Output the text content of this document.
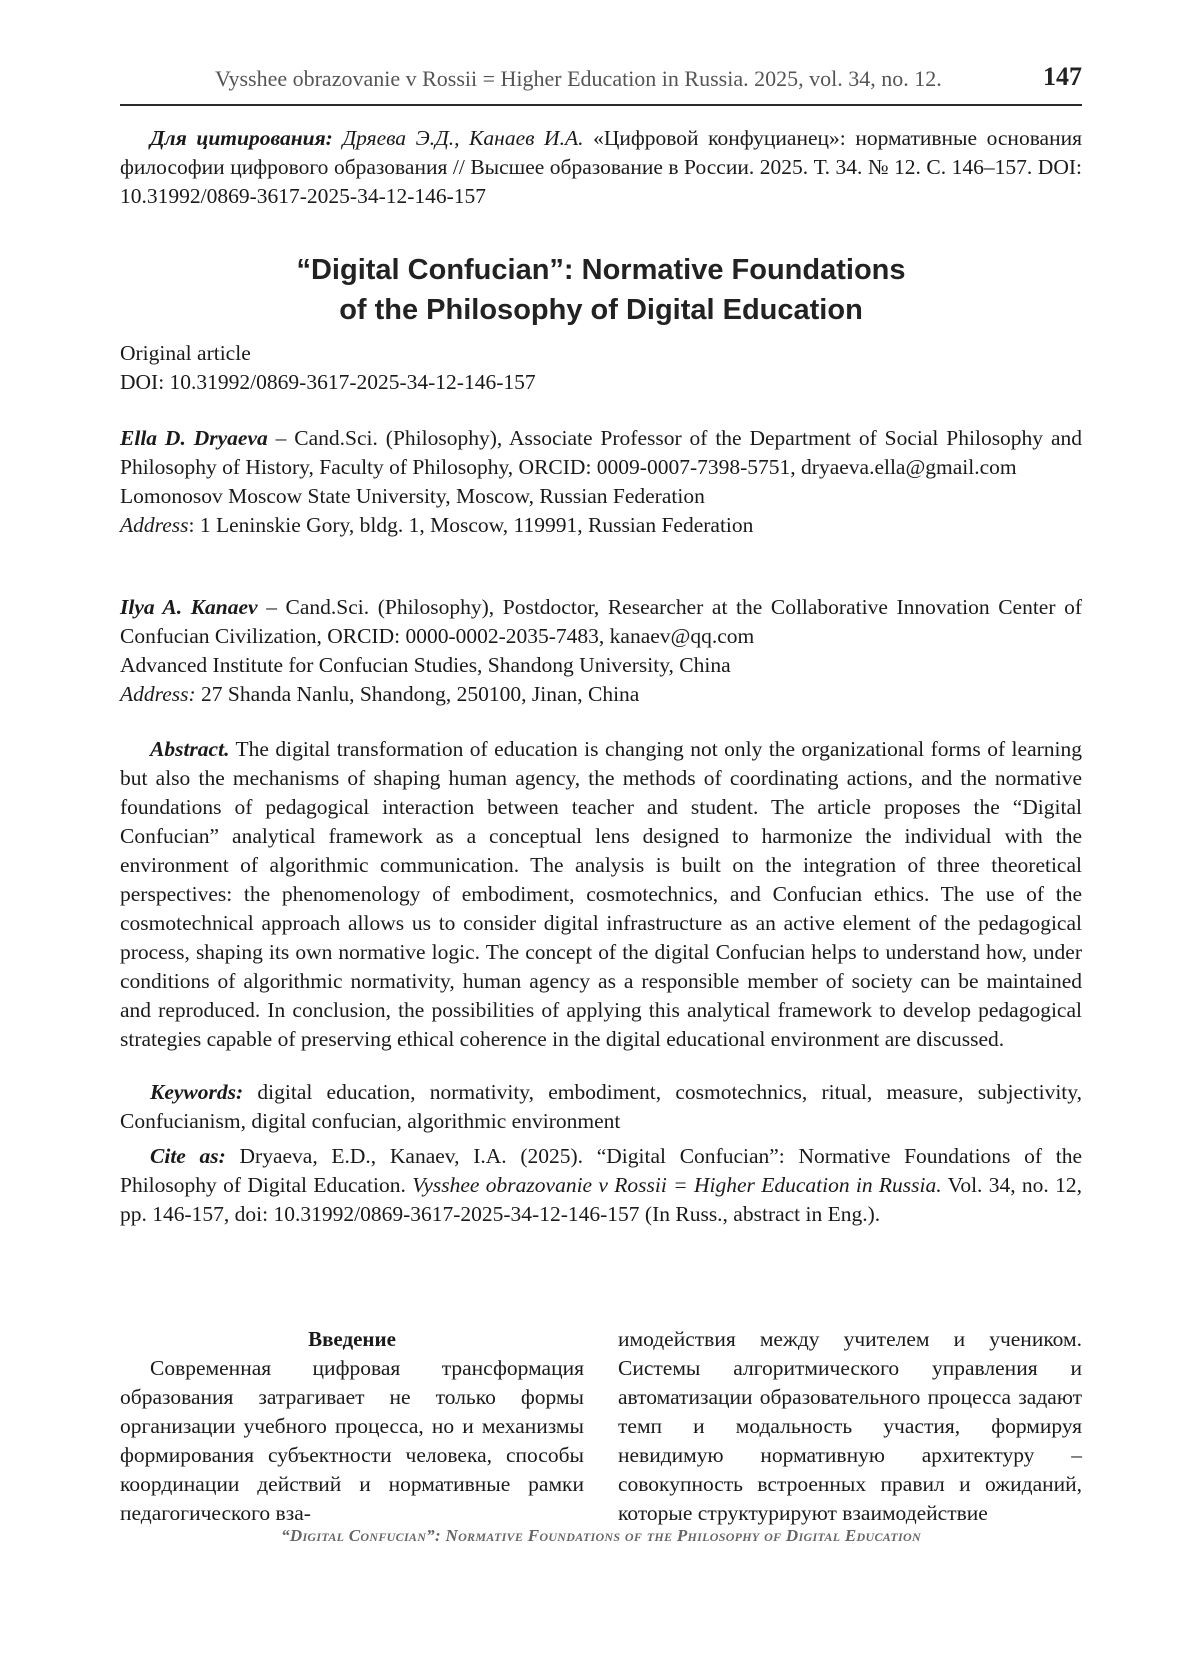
Vysshee obrazovanie v Rossii = Higher Education in Russia. 2025, vol. 34, no. 12.	147
Для цитирования: Дряева Э.Д., Канаев И.А. «Цифровой конфуцианец»: нормативные основания философии цифрового образования // Высшее образование в России. 2025. Т. 34. № 12. С. 146–157. DOI: 10.31992/0869-3617-2025-34-12-146-157
“Digital Confucian”: Normative Foundations
of the Philosophy of Digital Education

Original article

DOI: 10.31992/0869-3617-2025-34-12-146-157

Ella D. Dryaeva – Cand.Sci. (Philosophy), Associate Professor of the Department of Social Philosophy and Philosophy of History, Faculty of Philosophy, ORCID: 0009-0007-7398-5751, dryaeva.ella@gmail.com

Lomonosov Moscow State University, Moscow, Russian Federation

Address: 1 Leninskie Gory, bldg. 1, Moscow, 119991, Russian Federation

Ilya A. Kanaev – Cand.Sci. (Philosophy), Postdoctor, Researcher at the Collaborative Innovation Center of Confucian Civilization, ORCID: 0000-0002-2035-7483, kanaev@qq.com

Advanced Institute for Confucian Studies, Shandong University, China

Address: 27 Shanda Nanlu, Shandong, 250100, Jinan, China

Abstract. The digital transformation of education is changing not only the organizational forms of learning but also the mechanisms of shaping human agency, the methods of coordinating actions, and the normative foundations of pedagogical interaction between teacher and student. The article proposes the “Digital Confucian” analytical framework as a conceptual lens designed to harmonize the individual with the environment of algorithmic communication. The analysis is built on the integration of three theoretical perspectives: the phenomenology of embodiment, cosmotechnics, and Confucian ethics. The use of the cosmotechnical approach allows us to consider digital infrastructure as an active element of the pedagogical process, shaping its own normative logic. The concept of the digital Confucian helps to understand how, under conditions of algorithmic normativity, human agency as a responsible member of society can be maintained and reproduced. In conclusion, the possibilities of applying this analytical framework to develop pedagogical strategies capable of preserving ethical coherence in the digital educational environment are discussed.
Keywords: digital education, normativity, embodiment, cosmotechnics, ritual, measure, subjectivity, Confucianism, digital confucian, algorithmic environment
Cite as: Dryaeva, E.D., Kanaev, I.A. (2025). “Digital Confucian”: Normative Foundations of the Philosophy of Digital Education. Vysshee obrazovanie v Rossii = Higher Education in Russia. Vol. 34, no. 12, pp. 146-157, doi: 10.31992/0869-3617-2025-34-12-146-157 (In Russ., abstract in Eng.).

Введение

Современная цифровая трансформация образования затрагивает не только формы организации учебного процесса, но и механизмы формирования субъектности человека, способы координации действий и нормативные рамки педагогического вза-

имодействия между учителем и учеником. Системы алгоритмического управления и автоматизации образовательного процесса задают темп и модальность участия, формируя невидимую нормативную архитектуру – совокупность встроенных правил и ожиданий, которые структурируют взаимодействие

“Digital Confucian”: Normative Foundations of the Philosophy of Digital Education
